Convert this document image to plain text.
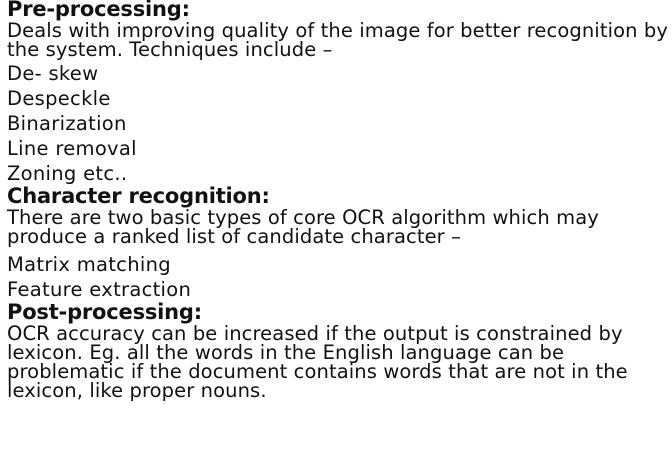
Pre-processing:
Deals with improving quality of the image for better recognition by the system. Techniques include –
De- skew
Despeckle
Binarization
Line removal
Zoning etc..
Character recognition:
There are two basic types of core OCR algorithm which may produce a ranked list of candidate character –
Matrix matching
Feature extraction
Post-processing:
OCR accuracy can be increased if the output is constrained by lexicon. Eg. all the words in the English language can be problematic if the document contains words that are not in the lexicon, like proper nouns.
